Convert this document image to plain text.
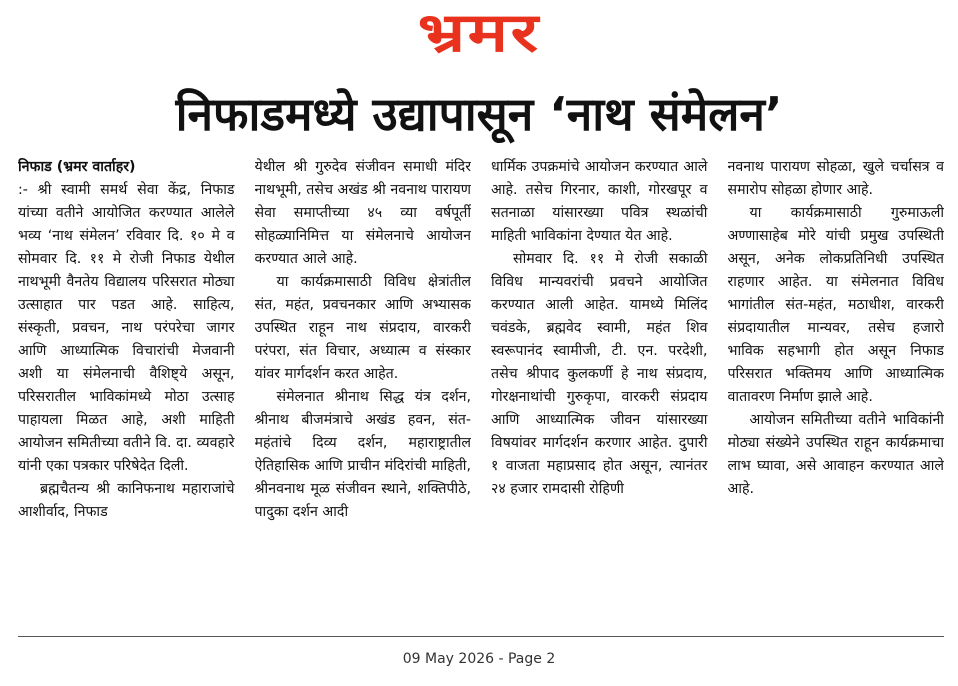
भ्रमर
निफाडमध्ये उद्यापासून ‘नाथ संमेलन’

निफाड (भ्रमर वार्ताहर)
:- श्री स्वामी समर्थ सेवा केंद्र, निफाड यांच्या वतीने आयोजित करण्यात आलेले भव्य ‘नाथ संमेलन’ रविवार दि. १० मे व सोमवार दि. ११ मे रोजी निफाड येथील नाथभूमी वैनतेय विद्यालय परिसरात मोठ्या उत्साहात पार पडत आहे. साहित्य, संस्कृती, प्रवचन, नाथ परंपरेचा जागर आणि आध्यात्मिक विचारांची मेजवानी अशी या संमेलनाची वैशिष्ट्ये असून, परिसरातील भाविकांमध्ये मोठा उत्साह पाहायला मिळत आहे, अशी माहिती आयोजन समितीच्या वतीने वि. दा. व्यवहारे यांनी एका पत्रकार परिषेदेत दिली.

ब्रह्मचैतन्य श्री कानिफनाथ महाराजांचे आशीर्वाद, निफाड

येथील श्री गुरुदेव संजीवन समाधी मंदिर नाथभूमी, तसेच अखंड श्री नवनाथ पारायण सेवा समाप्तीच्या ४५ व्या वर्षपूर्ती सोहळ्यानिमित्त या संमेलनाचे आयोजन करण्यात आले आहे.

या कार्यक्रमासाठी विविध क्षेत्रांतील संत, महंत, प्रवचनकार आणि अभ्यासक उपस्थित राहून नाथ संप्रदाय, वारकरी परंपरा, संत विचार, अध्यात्म व संस्कार यांवर मार्गदर्शन करत आहेत.

संमेलनात श्रीनाथ सिद्ध यंत्र दर्शन, श्रीनाथ बीजमंत्राचे अखंड हवन, संत-महंतांचे दिव्य दर्शन, महाराष्ट्रातील ऐतिहासिक आणि प्राचीन मंदिरांची माहिती, श्रीनवनाथ मूळ संजीवन स्थाने, शक्तिपीठे, पादुका दर्शन आदी

धार्मिक उपक्रमांचे आयोजन करण्यात आले आहे. तसेच गिरनार, काशी, गोरखपूर व सतनाळा यांसारख्या पवित्र स्थळांची माहिती भाविकांना देण्यात येत आहे.

सोमवार दि. ११ मे रोजी सकाळी विविध मान्यवरांची प्रवचने आयोजित करण्यात आली आहेत. यामध्ये मिलिंद चवंडके, ब्रह्मवेद स्वामी, महंत शिव स्वरूपानंद स्वामीजी, टी. एन. परदेशी, तसेच श्रीपाद कुलकर्णी हे नाथ संप्रदाय, गोरक्षनाथांची गुरुकृपा, वारकरी संप्रदाय आणि आध्यात्मिक जीवन यांसारख्या विषयांवर मार्गदर्शन करणार आहेत. दुपारी १ वाजता महाप्रसाद होत असून, त्यानंतर २४ हजार रामदासी रोहिणी

नवनाथ पारायण सोहळा, खुले चर्चासत्र व समारोप सोहळा होणार आहे.

या कार्यक्रमासाठी गुरुमाऊली अण्णासाहेब मोरे यांची प्रमुख उपस्थिती असून, अनेक लोकप्रतिनिधी उपस्थित राहणार आहेत. या संमेलनात विविध भागांतील संत-महंत, मठाधीश, वारकरी संप्रदायातील मान्यवर, तसेच हजारो भाविक सहभागी होत असून निफाड परिसरात भक्तिमय आणि आध्यात्मिक वातावरण निर्माण झाले आहे.

आयोजन समितीच्या वतीने भाविकांनी मोठ्या संख्येने उपस्थित राहून कार्यक्रमाचा लाभ घ्यावा, असे आवाहन करण्यात आले आहे.

09 May 2026 - Page 2
